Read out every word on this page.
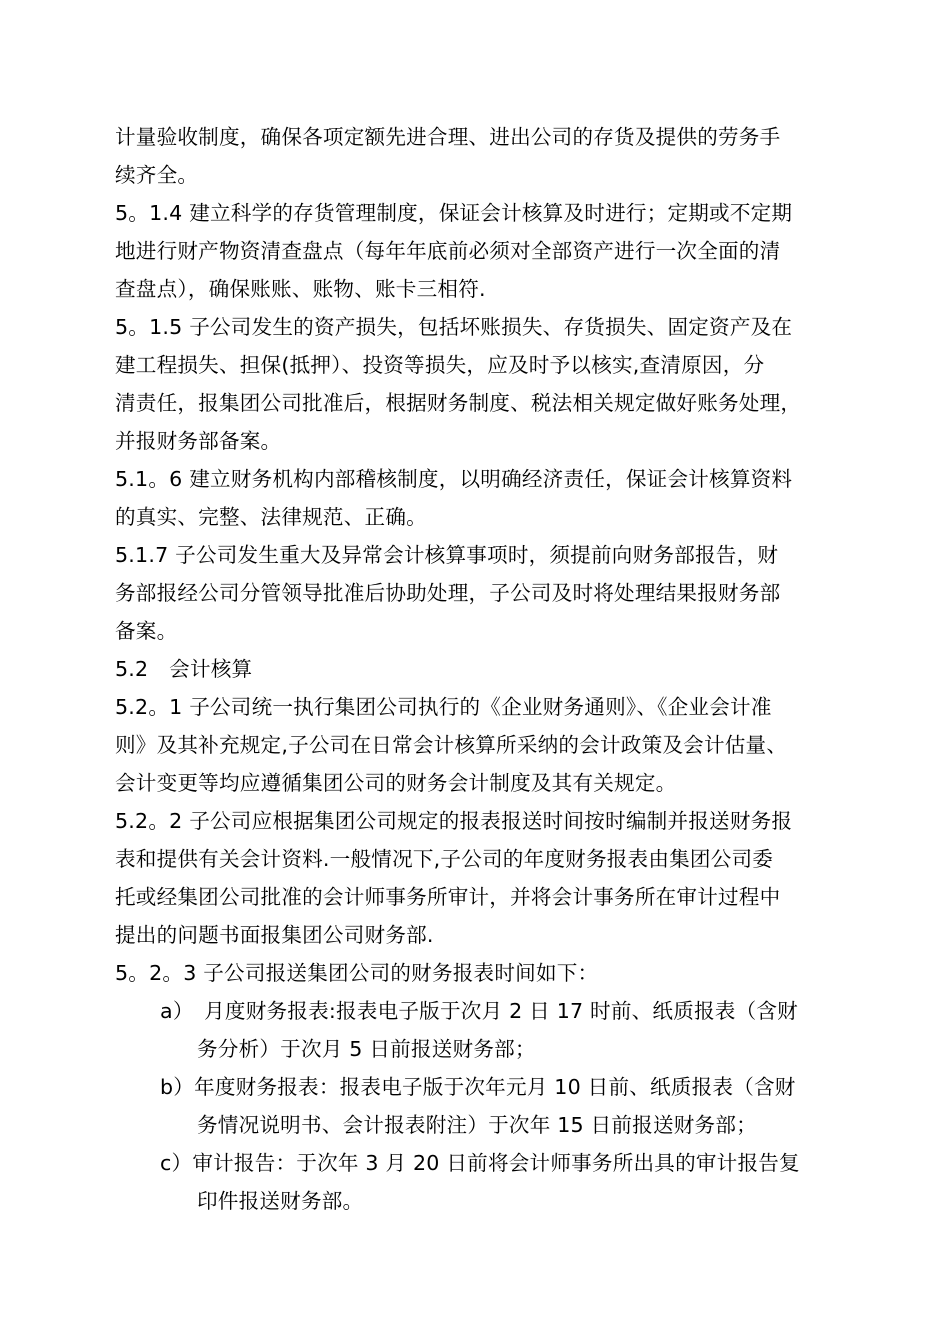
计量验收制度，确保各项定额先进合理、进出公司的存货及提供的劳务手
续齐全。
5。1.4 建立科学的存货管理制度，保证会计核算及时进行；定期或不定期
地进行财产物资清查盘点（每年年底前必须对全部资产进行一次全面的清
查盘点），确保账账、账物、账卡三相符.
5。1.5 子公司发生的资产损失，包括坏账损失、存货损失、固定资产及在
建工程损失、担保(抵押）、投资等损失，应及时予以核实,查清原因，分
清责任，报集团公司批准后，根据财务制度、税法相关规定做好账务处理，
并报财务部备案。
5.1。6 建立财务机构内部稽核制度，以明确经济责任，保证会计核算资料
的真实、完整、法律规范、正确。
5.1.7 子公司发生重大及异常会计核算事项时，须提前向财务部报告，财
务部报经公司分管领导批准后协助处理，子公司及时将处理结果报财务部
备案。
5.2　会计核算
5.2。1 子公司统一执行集团公司执行的《企业财务通则》、《企业会计准
则》及其补充规定,子公司在日常会计核算所采纳的会计政策及会计估量、
会计变更等均应遵循集团公司的财务会计制度及其有关规定。
5.2。2 子公司应根据集团公司规定的报表报送时间按时编制并报送财务报
表和提供有关会计资料.一般情况下,子公司的年度财务报表由集团公司委
托或经集团公司批准的会计师事务所审计，并将会计事务所在审计过程中
提出的问题书面报集团公司财务部.
5。2。3 子公司报送集团公司的财务报表时间如下：
a）　月度财务报表:报表电子版于次月 2 日 17 时前、纸质报表（含财
务分析）于次月 5 日前报送财务部；
b）年度财务报表：报表电子版于次年元月 10 日前、纸质报表（含财
务情况说明书、会计报表附注）于次年 15 日前报送财务部；
c）审计报告：于次年 3 月 20 日前将会计师事务所出具的审计报告复
印件报送财务部。
